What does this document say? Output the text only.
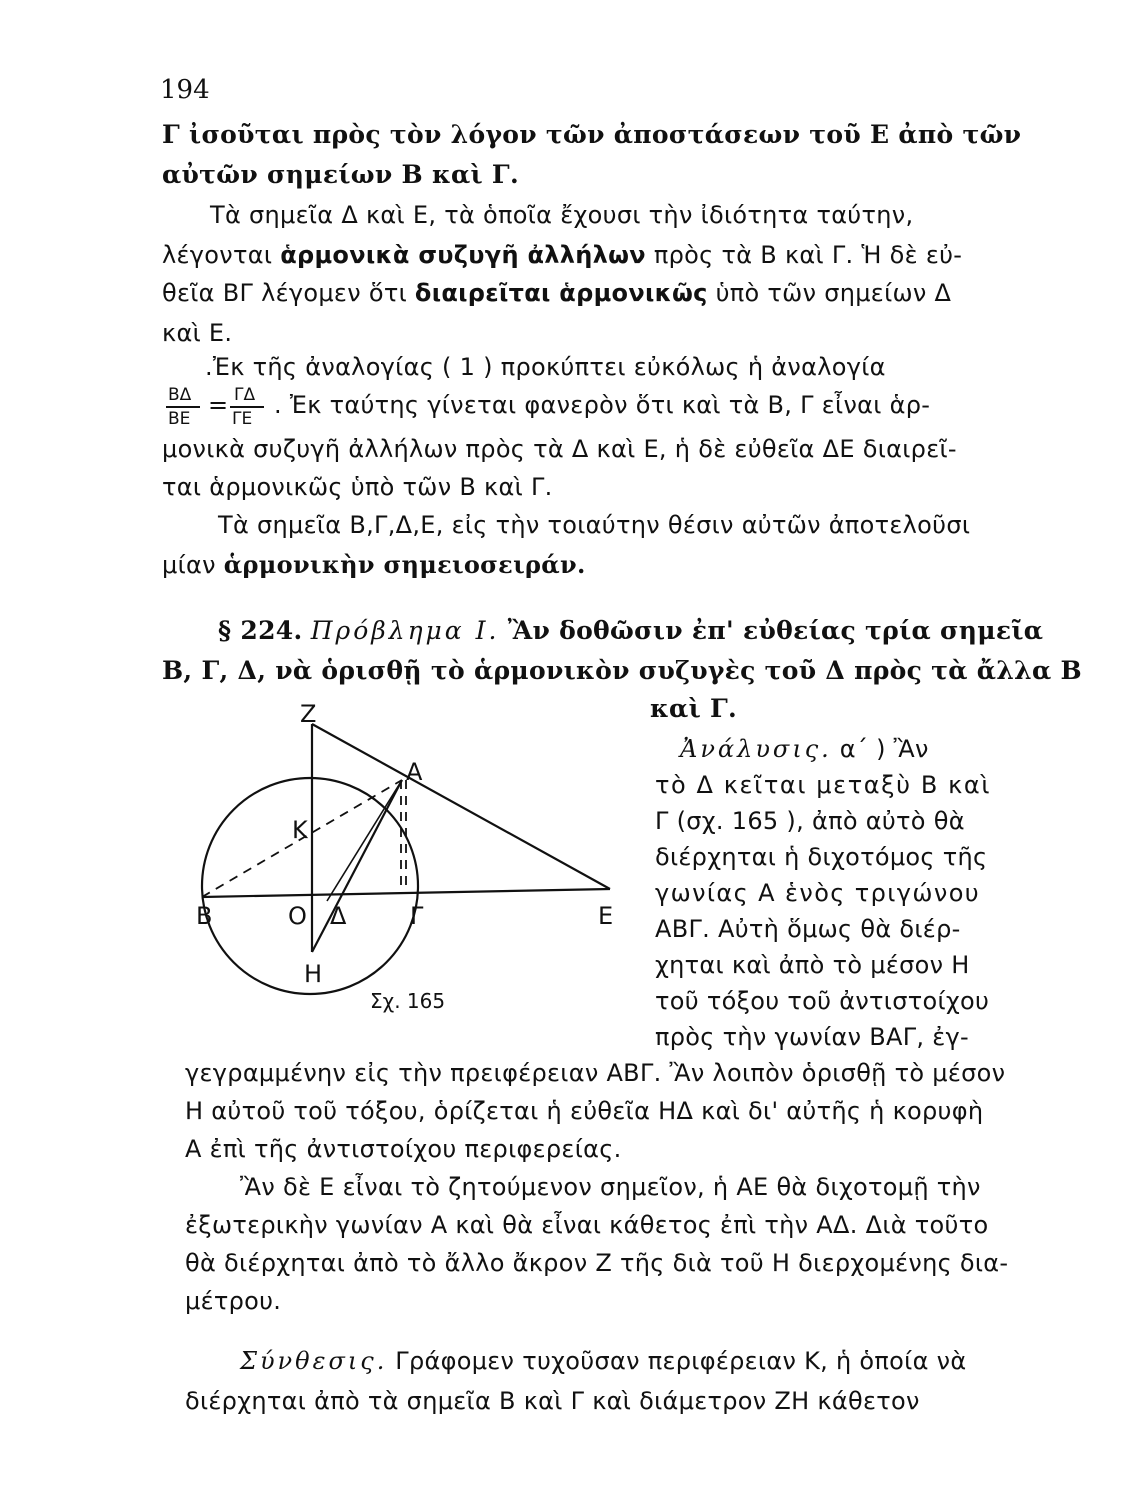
194
Γ ἰσοῦται πρὸς τὸν λόγον τῶν ἀποστάσεων τοῦ Ε ἀπὸ τῶν
αὐτῶν σημείων Β καὶ Γ.
Τὰ σημεῖα Δ καὶ Ε, τὰ ὁποῖα ἔχουσι τὴν ἰδιότητα ταύτην,
λέγονται ἁρμονικὰ συζυγῆ ἀλλήλων πρὸς τὰ Β καὶ Γ. Ἡ δὲ εὐ-
θεῖα ΒΓ λέγομεν ὅτι διαιρεῖται ἁρμονικῶς ὑπὸ τῶν σημείων Δ
καὶ Ε.
.Ἐκ τῆς ἀναλογίας ( 1 ) προκύπτει εὐκόλως ἡ ἀναλογία
ΒΔ
ΒΕ = ΓΔ
ΓΕ . Ἐκ ταύτης γίνεται φανερὸν ὅτι καὶ τὰ Β, Γ εἶναι ἁρ-
μονικὰ συζυγῆ ἀλλήλων πρὸς τὰ Δ καὶ Ε, ἡ δὲ εὐθεῖα ΔΕ διαιρεῖ-
ται ἁρμονικῶς ὑπὸ τῶν Β καὶ Γ.
Τὰ σημεῖα Β,Γ,Δ,Ε, εἰς τὴν τοιαύτην θέσιν αὐτῶν ἀποτελοῦσι
μίαν ἁρμονικὴν σημειοσειράν.
§ 224. Πρόβλημα Ι. Ἂν δοθῶσιν ἐπ' εὐθείας τρία σημεῖα
Β, Γ, Δ, νὰ ὁρισθῇ τὸ ἁρμονικὸν συζυγὲς τοῦ Δ πρὸς τὰ ἄλλα Β
καὶ Γ.
Ζ
Α
Κ
Β	Ο Δ	Γ	Ε
Η
Σχ. 165
Ἀνάλυσις. α΄ ) Ἂν
τὸ Δ κεῖται μεταξὺ Β καὶ
Γ (σχ. 165 ), ἀπὸ αὐτὸ θὰ
διέρχηται ἡ διχοτόμος τῆς
γωνίας Α ἑνὸς τριγώνου
ΑΒΓ. Αὐτὴ ὅμως θὰ διέρ-
χηται καὶ ἀπὸ τὸ μέσον Η
τοῦ τόξου τοῦ ἀντιστοίχου
πρὸς τὴν γωνίαν ΒΑΓ, ἐγ-
γεγραμμένην εἰς τὴν πρειφέρειαν ΑΒΓ. Ἂν λοιπὸν ὁρισθῇ τὸ μέσον
Η αὐτοῦ τοῦ τόξου, ὁρίζεται ἡ εὐθεῖα ΗΔ καὶ δι' αὐτῆς ἡ κορυφὴ
Α ἐπὶ τῆς ἀντιστοίχου περιφερείας.
Ἂν δὲ Ε εἶναι τὸ ζητούμενον σημεῖον, ἡ ΑΕ θὰ διχοτομῇ τὴν
ἐξωτερικὴν γωνίαν Α καὶ θὰ εἶναι κάθετος ἐπὶ τὴν ΑΔ. Διὰ τοῦτο
θὰ διέρχηται ἀπὸ τὸ ἄλλο ἄκρον Ζ τῆς διὰ τοῦ Η διερχομένης δια-
μέτρου.
Σύνθεσις. Γράφομεν τυχοῦσαν περιφέρειαν Κ, ἡ ὁποία νὰ
διέρχηται ἀπὸ τὰ σημεῖα Β καὶ Γ καὶ διάμετρον ΖΗ κάθετον
